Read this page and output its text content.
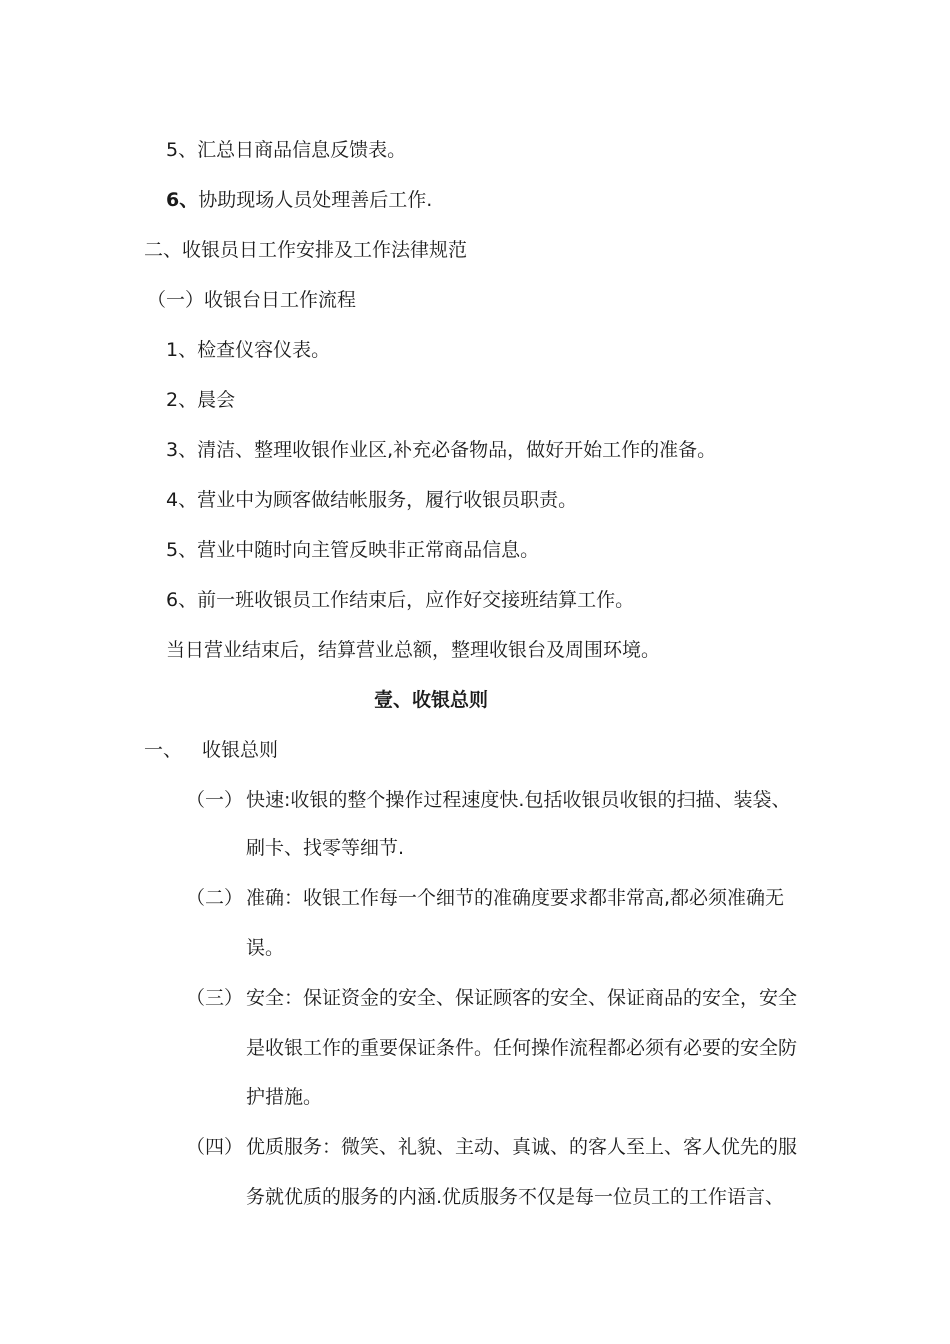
5、汇总日商品信息反馈表。
6、协助现场人员处理善后工作.
二、收银员日工作安排及工作法律规范
（一）收银台日工作流程
1、检查仪容仪表。
2、晨会
3、清洁、整理收银作业区,补充必备物品，做好开始工作的准备。
4、营业中为顾客做结帐服务，履行收银员职责。
5、营业中随时向主管反映非正常商品信息。
6、前一班收银员工作结束后，应作好交接班结算工作。
当日营业结束后，结算营业总额，整理收银台及周围环境。
壹、收银总则
一、 收银总则
（一） 快速:收银的整个操作过程速度快.包括收银员收银的扫描、装袋、
刷卡、找零等细节.
（二） 准确：收银工作每一个细节的准确度要求都非常高,都必须准确无
误。
（三） 安全：保证资金的安全、保证顾客的安全、保证商品的安全，安全
是收银工作的重要保证条件。任何操作流程都必须有必要的安全防
护措施。
（四） 优质服务：微笑、礼貌、主动、真诚、的客人至上、客人优先的服
务就优质的服务的内涵.优质服务不仅是每一位员工的工作语言、
